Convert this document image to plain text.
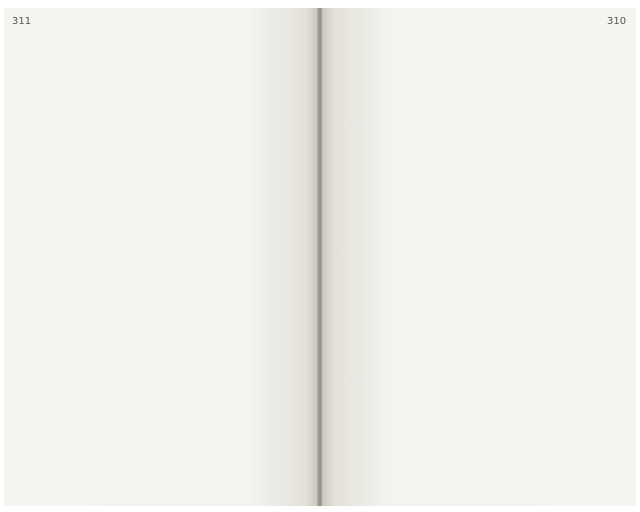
311	310
